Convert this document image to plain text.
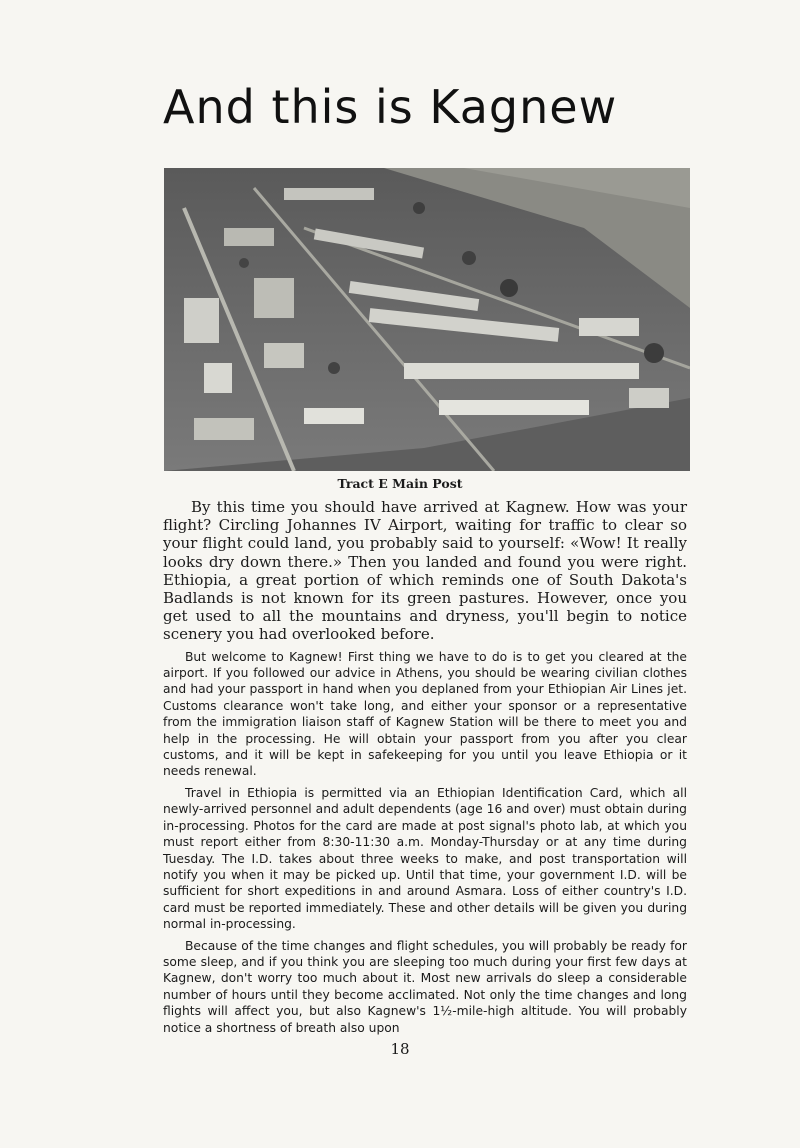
And this is Kagnew
Tract E Main Post

By this time you should have arrived at Kagnew. How was your flight? Circling Johannes IV Airport, waiting for traffic to clear so your flight could land, you probably said to yourself: «Wow! It really looks dry down there.» Then you landed and found you were right. Ethiopia, a great portion of which reminds one of South Dakota's Badlands is not known for its green pastures. However, once you get used to all the mountains and dryness, you'll begin to notice scenery you had overlooked before.

But welcome to Kagnew! First thing we have to do is to get you cleared at the airport. If you followed our advice in Athens, you should be wearing civilian clothes and had your passport in hand when you deplaned from your Ethiopian Air Lines jet. Customs clearance won't take long, and either your sponsor or a representative from the immigration liaison staff of Kagnew Station will be there to meet you and help in the processing. He will obtain your passport from you after you clear customs, and it will be kept in safekeeping for you until you leave Ethiopia or it needs renewal.

Travel in Ethiopia is permitted via an Ethiopian Identification Card, which all newly-arrived personnel and adult dependents (age 16 and over) must obtain during in-processing. Photos for the card are made at post signal's photo lab, at which you must report either from 8:30-11:30 a.m. Monday-Thursday or at any time during Tuesday. The I.D. takes about three weeks to make, and post transportation will notify you when it may be picked up. Until that time, your government I.D. will be sufficient for short expeditions in and around Asmara. Loss of either country's I.D. card must be reported immediately. These and other details will be given you during normal in-processing.

Because of the time changes and flight schedules, you will probably be ready for some sleep, and if you think you are sleeping too much during your first few days at Kagnew, don't worry too much about it. Most new arrivals do sleep a considerable number of hours until they become acclimated. Not only the time changes and long flights will affect you, but also Kagnew's 1½-mile-high altitude. You will probably notice a shortness of breath also upon

18
